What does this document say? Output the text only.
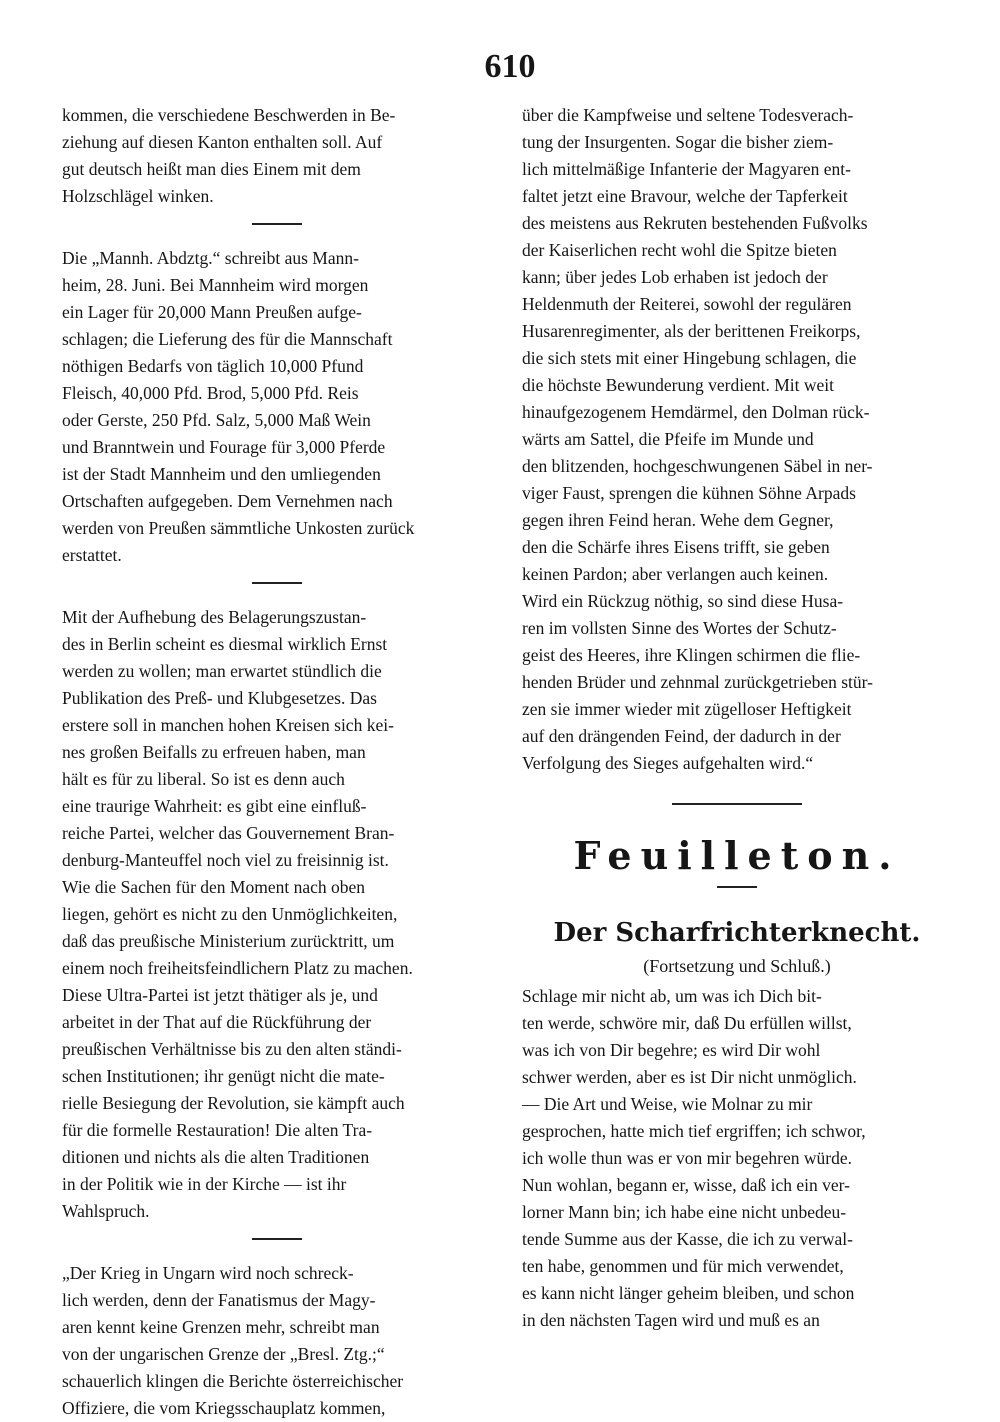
610

kommen, die verschiedene Beschwerden in Be-
ziehung auf diesen Kanton enthalten soll. Auf
gut deutsch heißt man dies Einem mit dem
Holzschlägel winken.

Die „Mannh. Abdztg.“ schreibt aus Mann-
heim, 28. Juni. Bei Mannheim wird morgen
ein Lager für 20,000 Mann Preußen aufge-
schlagen; die Lieferung des für die Mannschaft
nöthigen Bedarfs von täglich 10,000 Pfund
Fleisch, 40,000 Pfd. Brod, 5,000 Pfd. Reis
oder Gerste, 250 Pfd. Salz, 5,000 Maß Wein
und Branntwein und Fourage für 3,000 Pferde
ist der Stadt Mannheim und den umliegenden
Ortschaften aufgegeben. Dem Vernehmen nach
werden von Preußen sämmtliche Unkosten zurück
erstattet.

Mit der Aufhebung des Belagerungszustan-
des in Berlin scheint es diesmal wirklich Ernst
werden zu wollen; man erwartet stündlich die
Publikation des Preß- und Klubgesetzes. Das
erstere soll in manchen hohen Kreisen sich kei-
nes großen Beifalls zu erfreuen haben, man
hält es für zu liberal. So ist es denn auch
eine traurige Wahrheit: es gibt eine einfluß-
reiche Partei, welcher das Gouvernement Bran-
denburg-Manteuffel noch viel zu freisinnig ist.
Wie die Sachen für den Moment nach oben
liegen, gehört es nicht zu den Unmöglichkeiten,
daß das preußische Ministerium zurücktritt, um
einem noch freiheitsfeindlichern Platz zu machen.
Diese Ultra-Partei ist jetzt thätiger als je, und
arbeitet in der That auf die Rückführung der
preußischen Verhältnisse bis zu den alten ständi-
schen Institutionen; ihr genügt nicht die mate-
rielle Besiegung der Revolution, sie kämpft auch
für die formelle Restauration! Die alten Tra-
ditionen und nichts als die alten Traditionen
in der Politik wie in der Kirche — ist ihr
Wahlspruch.

„Der Krieg in Ungarn wird noch schreck-
lich werden, denn der Fanatismus der Magy-
aren kennt keine Grenzen mehr, schreibt man
von der ungarischen Grenze der „Bresl. Ztg.;“
schauerlich klingen die Berichte österreichischer
Offiziere, die vom Kriegsschauplatz kommen,

über die Kampfweise und seltene Todesverach-
tung der Insurgenten. Sogar die bisher ziem-
lich mittelmäßige Infanterie der Magyaren ent-
faltet jetzt eine Bravour, welche der Tapferkeit
des meistens aus Rekruten bestehenden Fußvolks
der Kaiserlichen recht wohl die Spitze bieten
kann; über jedes Lob erhaben ist jedoch der
Heldenmuth der Reiterei, sowohl der regulären
Husarenregimenter, als der berittenen Freikorps,
die sich stets mit einer Hingebung schlagen, die
die höchste Bewunderung verdient. Mit weit
hinaufgezogenem Hemdärmel, den Dolman rück-
wärts am Sattel, die Pfeife im Munde und
den blitzenden, hochgeschwungenen Säbel in ner-
viger Faust, sprengen die kühnen Söhne Arpads
gegen ihren Feind heran. Wehe dem Gegner,
den die Schärfe ihres Eisens trifft, sie geben
keinen Pardon; aber verlangen auch keinen.
Wird ein Rückzug nöthig, so sind diese Husa-
ren im vollsten Sinne des Wortes der Schutz-
geist des Heeres, ihre Klingen schirmen die flie-
henden Brüder und zehnmal zurückgetrieben stür-
zen sie immer wieder mit zügelloser Heftigkeit
auf den drängenden Feind, der dadurch in der
Verfolgung des Sieges aufgehalten wird.“

Feuilleton.
Der Scharfrichterknecht.
(Fortsetzung und Schluß.)

Schlage mir nicht ab, um was ich Dich bit-
ten werde, schwöre mir, daß Du erfüllen willst,
was ich von Dir begehre; es wird Dir wohl
schwer werden, aber es ist Dir nicht unmöglich.
— Die Art und Weise, wie Molnar zu mir
gesprochen, hatte mich tief ergriffen; ich schwor,
ich wolle thun was er von mir begehren würde.
Nun wohlan, begann er, wisse, daß ich ein ver-
lorner Mann bin; ich habe eine nicht unbedeu-
tende Summe aus der Kasse, die ich zu verwal-
ten habe, genommen und für mich verwendet,
es kann nicht länger geheim bleiben, und schon
in den nächsten Tagen wird und muß es an
